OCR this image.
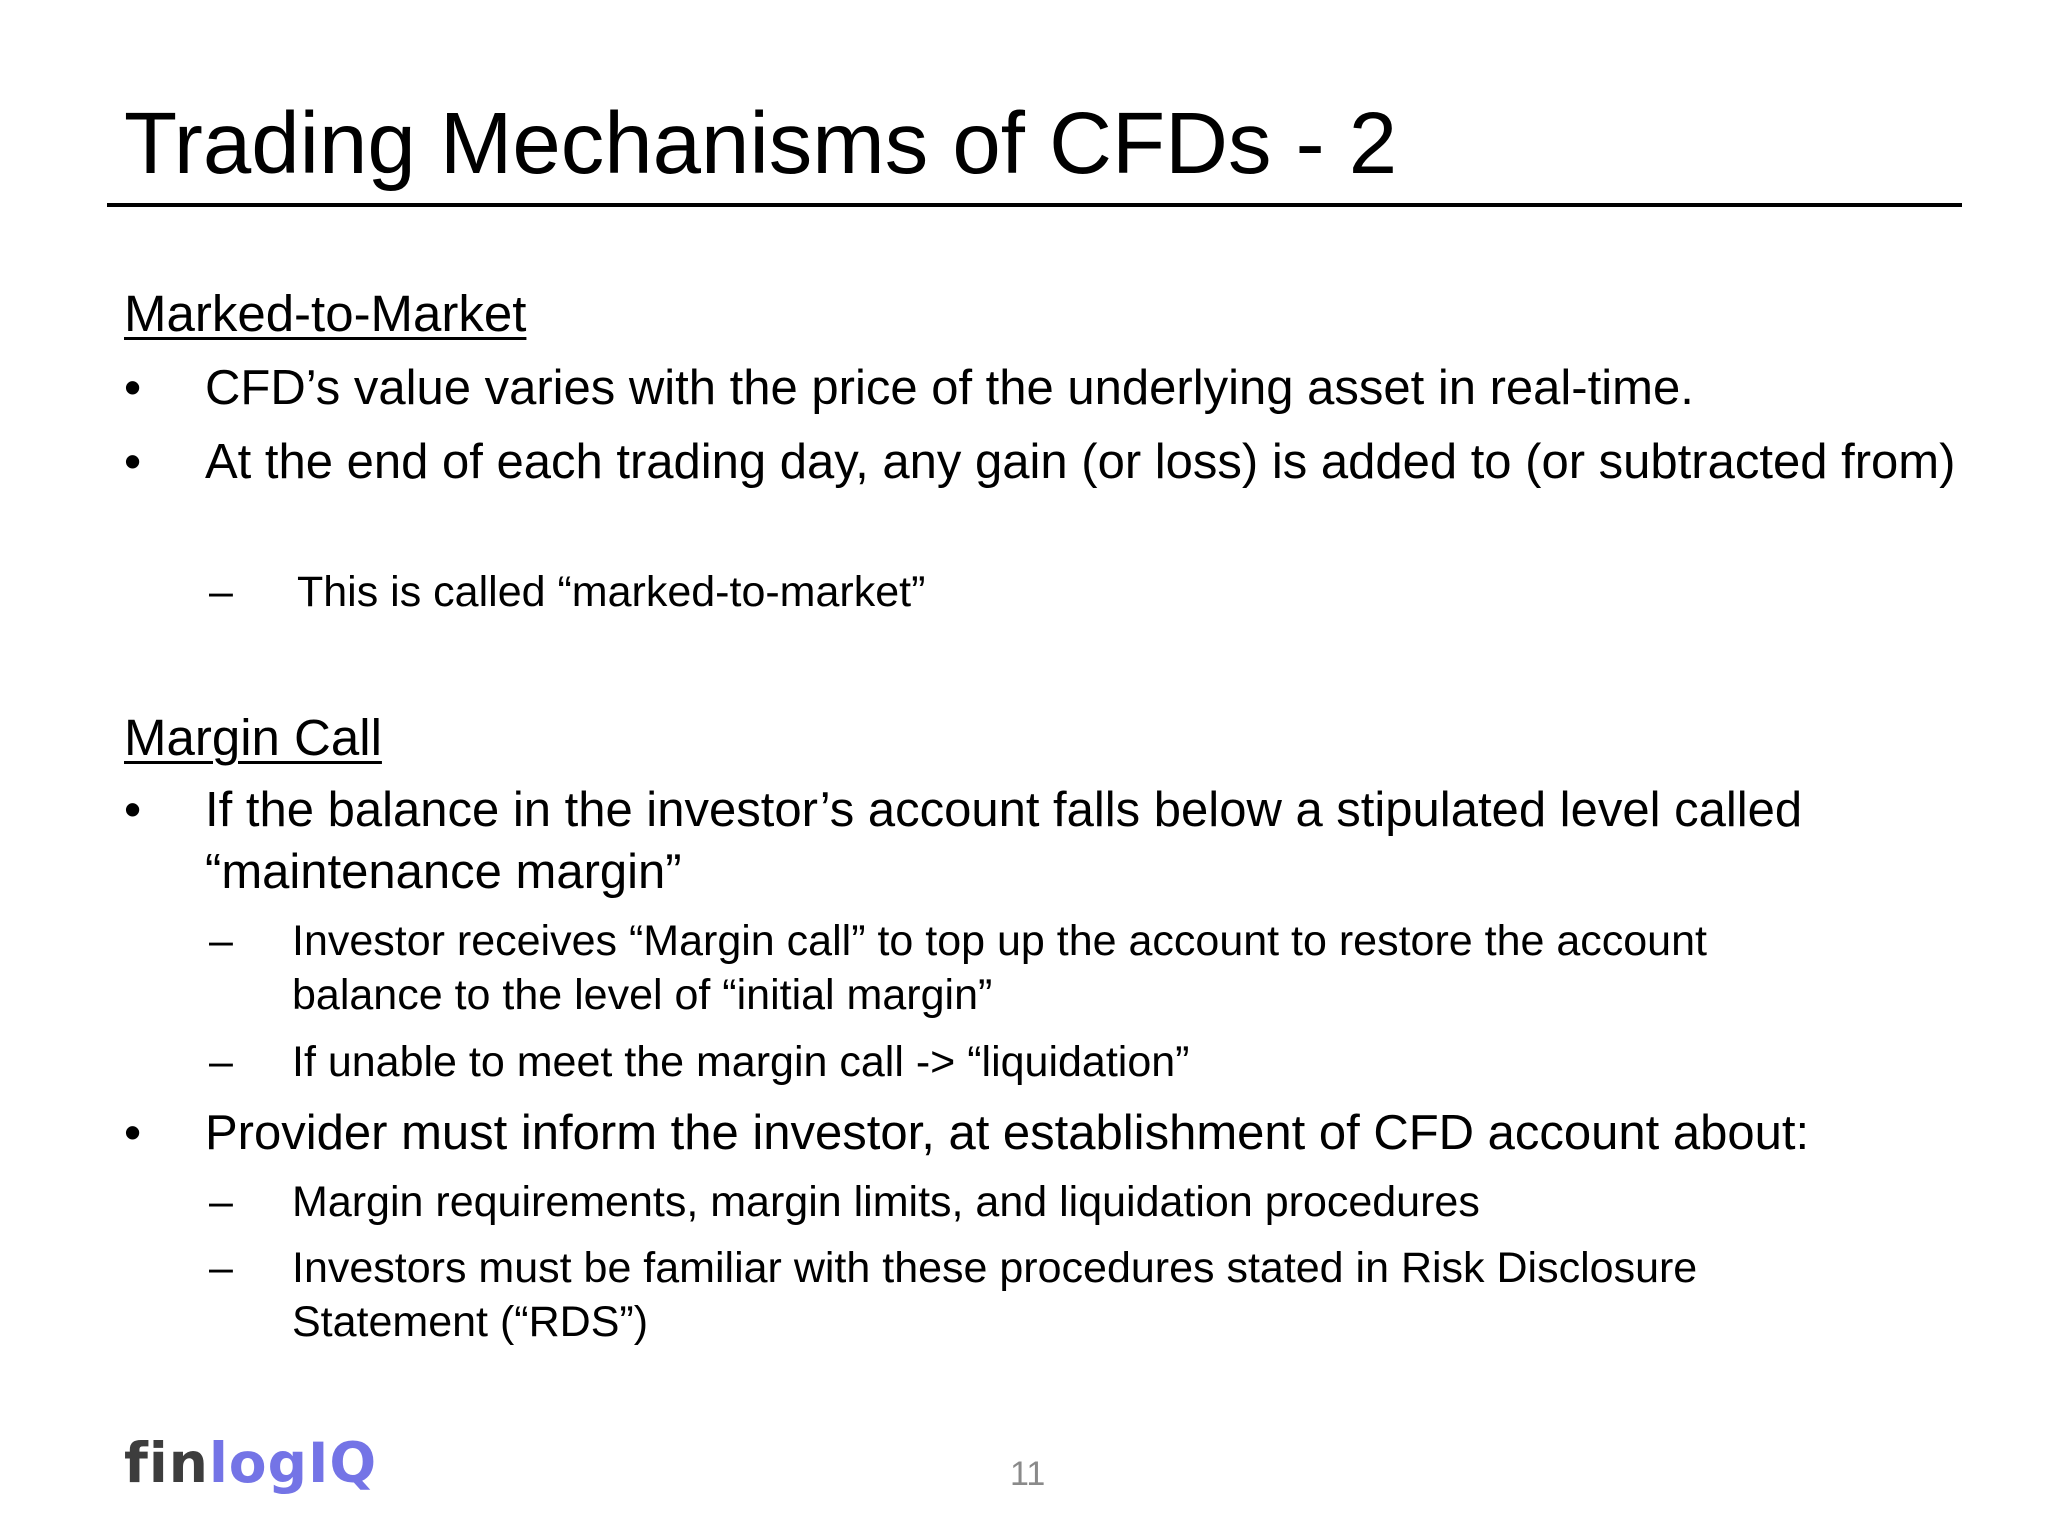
Trading Mechanisms of CFDs - 2
Marked-to-Market
• CFD’s value varies with the price of the underlying asset in real-time.
• At the end of each trading day, any gain (or loss) is added to (or subtracted from)
–	This is called “marked-to-market”
Margin Call
• If the balance in the investor’s account falls below a stipulated level called “maintenance margin”
–	Investor receives “Margin call” to top up the account to restore the account balance to the level of “initial margin”
–	If unable to meet the margin call -> “liquidation”
• Provider must inform the investor, at establishment of CFD account about:
–	Margin requirements, margin limits, and liquidation procedures
–	Investors must be familiar with these procedures stated in Risk Disclosure Statement (“RDS”)
finlogIQ	11
